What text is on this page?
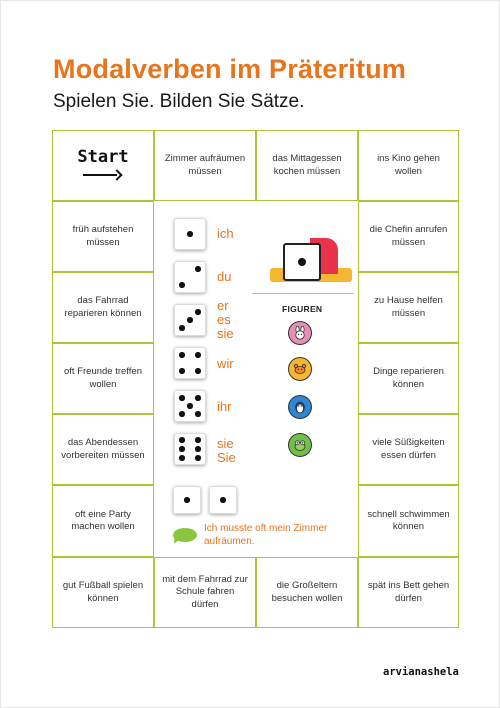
Modalverben im Präteritum
Spielen Sie. Bilden Sie Sätze.
Start	Zimmer aufräumen müssen
das Mittagessen kochen müssen
ins Kino gehen wollen
früh aufstehen müssen
das Fahrrad reparieren können
oft Freunde treffen wollen
das Abendessen vorbereiten müssen
oft eine Party machen wollen
die Chefin anrufen müssen
zu Hause helfen müssen
Dinge reparieren können
viele Süßigkeiten essen dürfen
schnell schwimmen können
gut Fußball spielen können
mit dem Fahrrad zur Schule fahren dürfen
die Großeltern besuchen wollen
spät ins Bett gehen dürfen
ich
du
er
es
sie
wir
ihr
sie
Sie
Ich musste oft mein Zimmer aufräumen.
FIGUREN
arvianashela
